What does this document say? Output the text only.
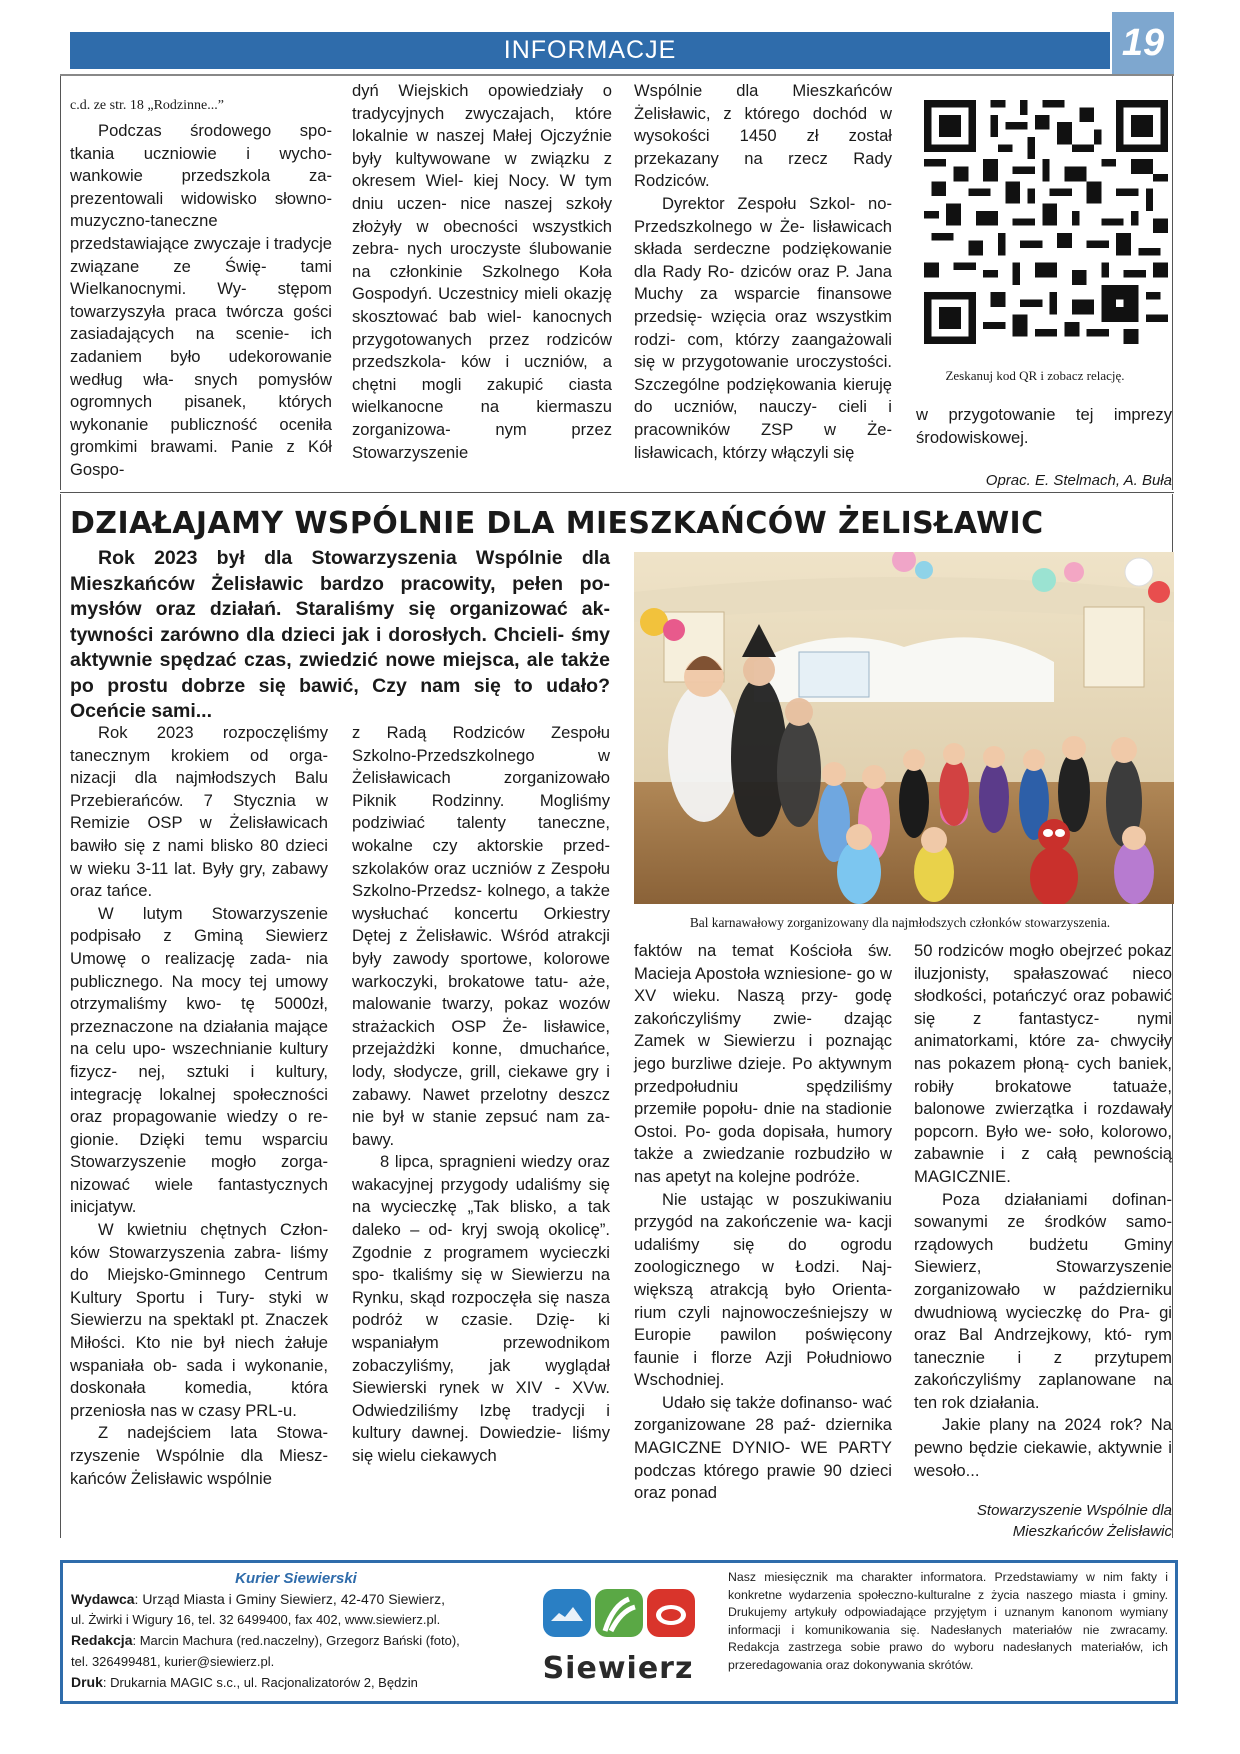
INFORMACJE	19

c.d. ze str. 18 „Rodzinne...”

Podczas środowego spo- tkania uczniowie i wycho- wankowie przedszkola za- prezentowali widowisko słowno-muzyczno-taneczne przedstawiające zwyczaje i tradycje związane ze Świę- tami Wielkanocnymi. Wy- stępom towarzyszyła praca twórcza gości zasiadających na scenie- ich zadaniem było udekorowanie według wła- snych pomysłów ogromnych pisanek, których wykonanie publiczność oceniła gromkimi brawami. Panie z Kół Gospo-

dyń Wiejskich opowiedziały o tradycyjnych zwyczajach, które lokalnie w naszej Małej Ojczyźnie były kultywowane w związku z okresem Wiel- kiej Nocy. W tym dniu uczen- nice naszej szkoły złożyły w obecności wszystkich zebra- nych uroczyste ślubowanie na członkinie Szkolnego Koła Gospodyń. Uczestnicy mieli okazję skosztować bab wiel- kanocnych przygotowanych przez rodziców przedszkola- ków i uczniów, a chętni mogli zakupić ciasta wielkanocne na kiermaszu zorganizowa- nym przez Stowarzyszenie

Wspólnie dla Mieszkańców Żelisławic, z którego dochód w wysokości 1450 zł został przekazany na rzecz Rady Rodziców.

Dyrektor Zespołu Szkol- no-Przedszkolnego w Że- lisławicach składa serdeczne podziękowanie dla Rady Ro- dziców oraz P. Jana Muchy za wsparcie finansowe przedsię- wzięcia oraz wszystkim rodzi- com, którzy zaangażowali się w przygotowanie uroczystości. Szczególne podziękowania kieruję do uczniów, nauczy- cieli i pracowników ZSP w Że- lisławicach, którzy włączyli się

Zeskanuj kod QR i zobacz relację.

w przygotowanie tej imprezy środowiskowej.

Oprac. E. Stelmach, A. Buła
DZIAŁAJAMY WSPÓLNIE DLA MIESZKAŃCÓW ŻELISŁAWIC
Rok 2023 był dla Stowarzyszenia Wspólnie dla Mieszkańców Żelisławic bardzo pracowity, pełen po- mysłów oraz działań. Staraliśmy się organizować ak- tywności zarówno dla dzieci jak i dorosłych. Chcieli- śmy aktywnie spędzać czas, zwiedzić nowe miejsca, ale także po prostu dobrze się bawić, Czy nam się to udało? Oceńcie sami...
Bal karnawałowy zorganizowany dla najmłodszych członków stowarzyszenia.

Rok 2023 rozpoczęliśmy tanecznym krokiem od orga- nizacji dla najmłodszych Balu Przebierańców. 7 Stycznia w Remizie OSP w Żelisławicach bawiło się z nami blisko 80 dzieci w wieku 3-11 lat. Były gry, zabawy oraz tańce.

W lutym Stowarzyszenie podpisało z Gminą Siewierz Umowę o realizację zada- nia publicznego. Na mocy tej umowy otrzymaliśmy kwo- tę 5000zł, przeznaczone na działania mające na celu upo- wszechnianie kultury fizycz- nej, sztuki i kultury, integrację lokalnej społeczności oraz propagowanie wiedzy o re- gionie. Dzięki temu wsparciu Stowarzyszenie mogło zorga- nizować wiele fantastycznych inicjatyw.

W kwietniu chętnych Człon- ków Stowarzyszenia zabra- liśmy do Miejsko-Gminnego Centrum Kultury Sportu i Tury- styki w Siewierzu na spektakl pt. Znaczek Miłości. Kto nie był niech żałuje wspaniała ob- sada i wykonanie, doskonała komedia, która przeniosła nas w czasy PRL-u.

Z nadejściem lata Stowa- rzyszenie Wspólnie dla Miesz- kańców Żelisławic wspólnie

z Radą Rodziców Zespołu Szkolno-Przedszkolnego w Żelisławicach zorganizowało Piknik Rodzinny. Mogliśmy podziwiać talenty taneczne, wokalne czy aktorskie przed- szkolaków oraz uczniów z Zespołu Szkolno-Przedsz- kolnego, a także wysłuchać koncertu Orkiestry Dętej z Żelisławic. Wśród atrakcji były zawody sportowe, kolorowe warkoczyki, brokatowe tatu- aże, malowanie twarzy, pokaz wozów strażackich OSP Że- lisławice, przejażdżki konne, dmuchańce, lody, słodycze, grill, ciekawe gry i zabawy. Nawet przelotny deszcz nie był w stanie zepsuć nam za- bawy.

8 lipca, spragnieni wiedzy oraz wakacyjnej przygody udaliśmy się na wycieczkę „Tak blisko, a tak daleko – od- kryj swoją okolicę”. Zgodnie z programem wycieczki spo- tkaliśmy się w Siewierzu na Rynku, skąd rozpoczęła się nasza podróż w czasie. Dzię- ki wspaniałym przewodnikom zobaczyliśmy, jak wyglądał Siewierski rynek w XIV - XVw. Odwiedziliśmy Izbę tradycji i kultury dawnej. Dowiedzie- liśmy się wielu ciekawych

faktów na temat Kościoła św. Macieja Apostoła wzniesione- go w XV wieku. Naszą przy- godę zakończyliśmy zwie- dzając Zamek w Siewierzu i poznając jego burzliwe dzieje. Po aktywnym przedpołudniu spędziliśmy przemiłe popołu- dnie na stadionie Ostoi. Po- goda dopisała, humory także a zwiedzanie rozbudziło w nas apetyt na kolejne podróże.

Nie ustając w poszukiwaniu przygód na zakończenie wa- kacji udaliśmy się do ogrodu zoologicznego w Łodzi. Naj- większą atrakcją było Orienta- rium czyli najnowocześniejszy w Europie pawilon poświęcony faunie i florze Azji Południowo Wschodniej.

Udało się także dofinanso- wać zorganizowane 28 paź- dziernika MAGICZNE DYNIO- WE PARTY podczas którego prawie 90 dzieci oraz ponad

50 rodziców mogło obejrzeć pokaz iluzjonisty, spałaszować nieco słodkości, potańczyć oraz pobawić się z fantastycz- nymi animatorkami, które za- chwyciły nas pokazem płoną- cych baniek, robiły brokatowe tatuaże, balonowe zwierzątka i rozdawały popcorn. Było we- soło, kolorowo, zabawnie i z całą pewnością MAGICZNIE.

Poza działaniami dofinan- sowanymi ze środków samo- rządowych budżetu Gminy Siewierz, Stowarzyszenie zorganizowało w październiku dwudniową wycieczkę do Pra- gi oraz Bal Andrzejkowy, któ- rym tanecznie i z przytupem zakończyliśmy zaplanowane na ten rok działania.

Jakie plany na 2024 rok? Na pewno będzie ciekawie, aktywnie i wesoło...

Stowarzyszenie Wspólnie dla
Mieszkańców Żelisławic
Kurier Siewierski
Wydawca: Urząd Miasta i Gminy Siewierz, 42-470 Siewierz,
ul. Żwirki i Wigury 16, tel. 32 6499400, fax 402, www.siewierz.pl.
Redakcja: Marcin Machura (red.naczelny), Grzegorz Bański (foto),
tel. 326499481, kurier@siewierz.pl.
Druk: Drukarnia MAGIC s.c., ul. Racjonalizatorów 2, Będzin	Siewierz
Nasz miesięcznik ma charakter informatora. Przedstawiamy w nim fakty i konkretne wydarzenia społeczno-kulturalne z życia naszego miasta i gminy. Drukujemy artykuły odpowiadające przyjętym i uznanym kanonom wymiany informacji i komunikowania się. Nadesłanych materiałów nie zwracamy. Redakcja zastrzega sobie prawo do wyboru nadesłanych materiałów, ich przeredagowania oraz dokonywania skrótów.
